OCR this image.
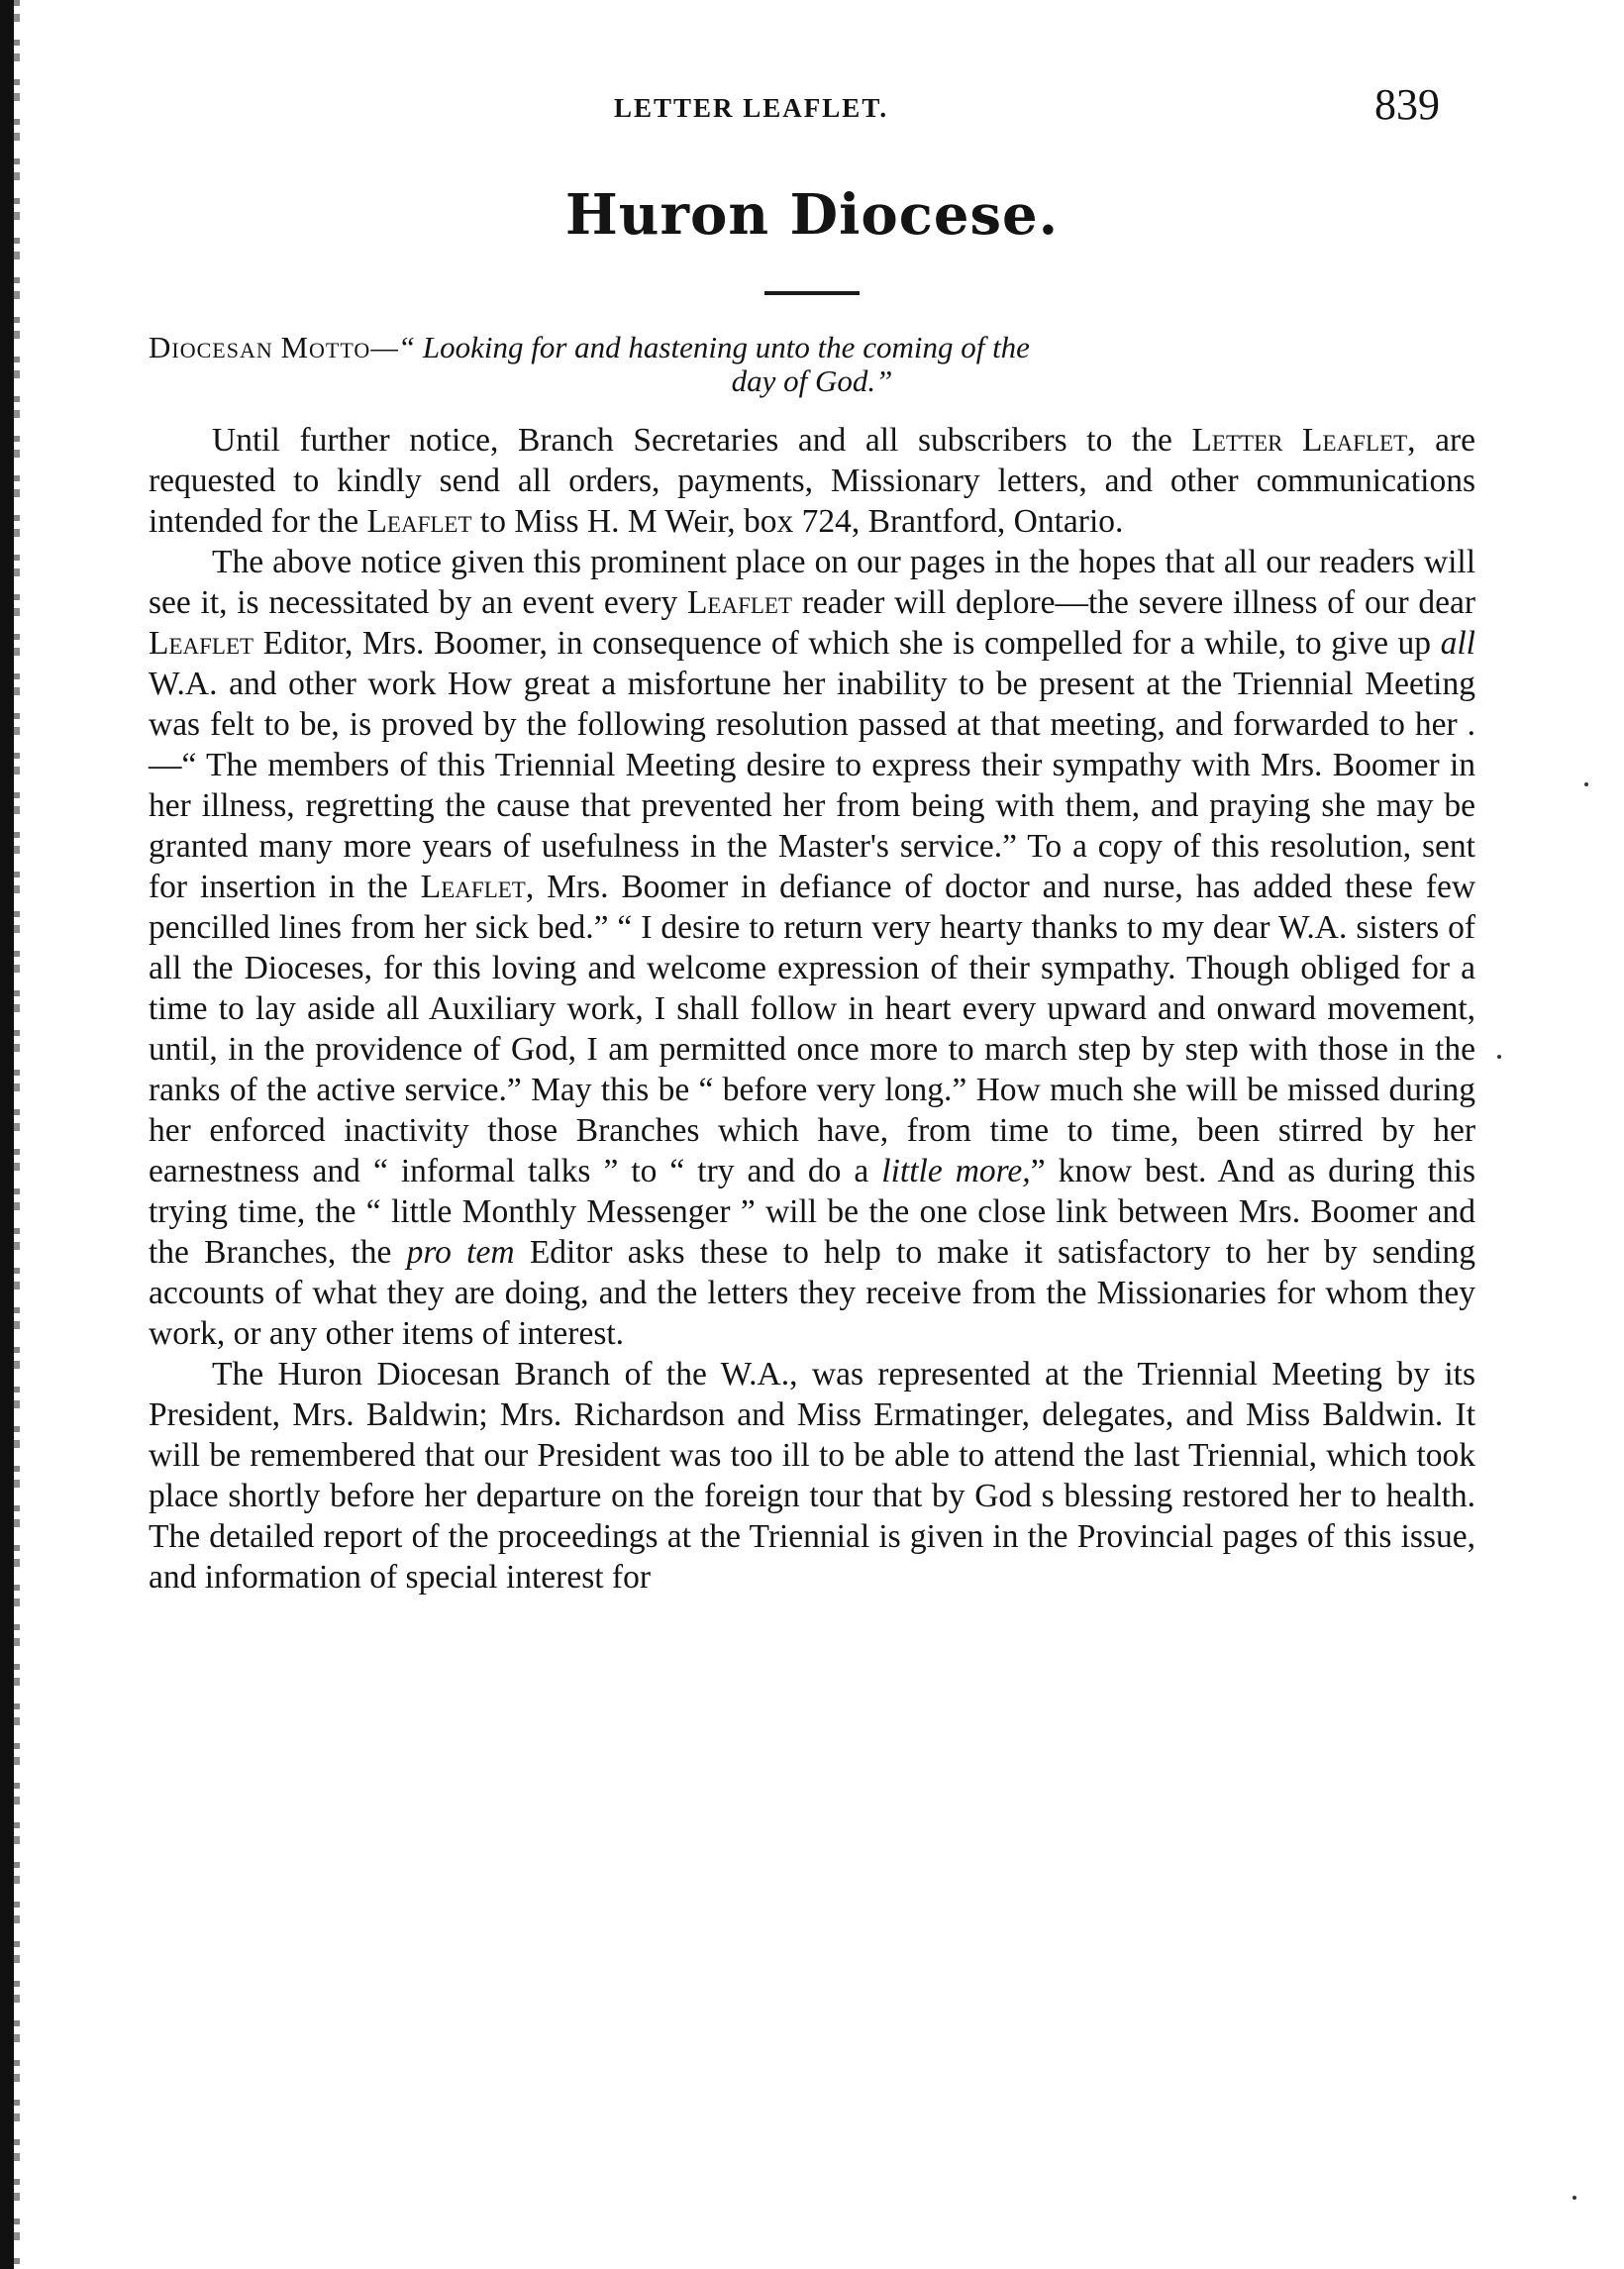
LETTER LEAFLET.	839
Huron Diocese.

Diocesan Motto—“ Looking for and hastening unto the coming of the
day of God.”

Until further notice, Branch Secretaries and all subscribers to the Letter Leaflet, are requested to kindly send all orders, payments, Missionary letters, and other communications intended for the Leaflet to Miss H. M Weir, box 724, Brantford, Ontario.

The above notice given this prominent place on our pages in the hopes that all our readers will see it, is necessitated by an event every Leaflet reader will deplore—the severe illness of our dear Leaflet Editor, Mrs. Boomer, in consequence of which she is compelled for a while, to give up all W.A. and other work How great a misfortune her inability to be present at the Triennial Meeting was felt to be, is proved by the following resolution passed at that meeting, and forwarded to her .—“ The members of this Triennial Meeting desire to express their sympathy with Mrs. Boomer in her illness, regretting the cause that prevented her from being with them, and praying she may be granted many more years of usefulness in the Master's service.” To a copy of this resolution, sent for insertion in the Leaflet, Mrs. Boomer in defiance of doctor and nurse, has added these few pencilled lines from her sick bed.” “ I desire to return very hearty thanks to my dear W.A. sisters of all the Dioceses, for this loving and welcome expression of their sympathy. Though obliged for a time to lay aside all Auxiliary work, I shall follow in heart every upward and onward movement, until, in the providence of God, I am permitted once more to march step by step with those in the ranks of the active service.” May this be “ before very long.” How much she will be missed during her enforced inactivity those Branches which have, from time to time, been stirred by her earnestness and “ informal talks ” to “ try and do a little more,” know best. And as during this trying time, the “ little Monthly Messenger ” will be the one close link between Mrs. Boomer and the Branches, the pro tem Editor asks these to help to make it satisfactory to her by sending accounts of what they are doing, and the letters they receive from the Missionaries for whom they work, or any other items of interest.

The Huron Diocesan Branch of the W.A., was represented at the Triennial Meeting by its President, Mrs. Baldwin; Mrs. Richardson and Miss Ermatinger, delegates, and Miss Baldwin. It will be remembered that our President was too ill to be able to attend the last Triennial, which took place shortly before her departure on the foreign tour that by God s blessing restored her to health. The detailed report of the proceedings at the Triennial is given in the Provincial pages of this issue, and information of special interest for
